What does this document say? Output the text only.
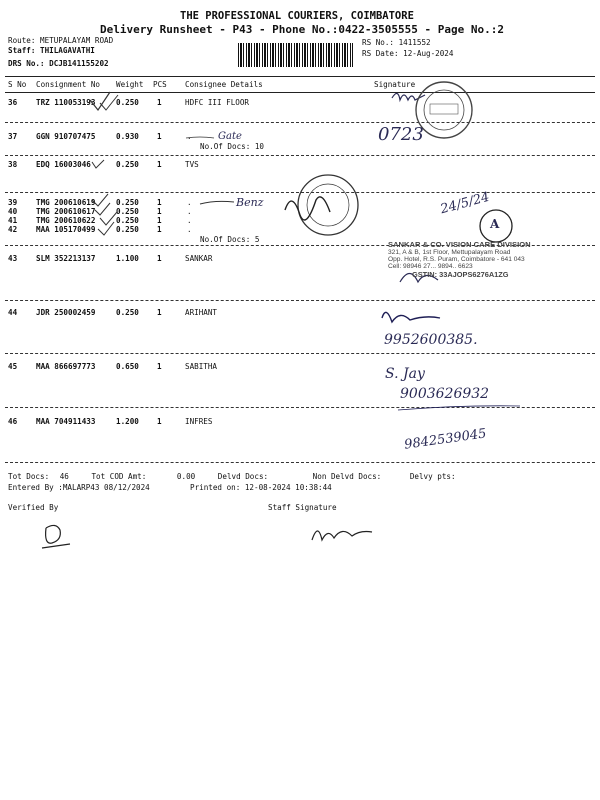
THE PROFESSIONAL COURIERS, COIMBATORE
Delivery Runsheet - P43 - Phone No.:0422-3505555 - Page No.:2
Route: METUPALAYAM ROAD
Staff: THILAGAVATHI
DRS No.: DCJB141155202
RS No.: 1411552
RS Date: 12-Aug-2024
S No Consignment No Weight PCS Consignee Details	Signature
36 TRZ 110053193	0.250 1	HDFC III FLOOR
37 GGN 910707475	0.930 1	.
No.Of Docs: 10
38 EDQ 16003046	0.250 1	TVS
39 TMG 200610619	0.250 1	.
40 TMG 200610617	0.250 1	.
41 TMG 200610622	0.250 1	.
42 MAA 105170499	0.250 1	.
No.Of Docs: 5
43 SLM 352213137	1.100 1	SANKAR
44 JDR 250002459	0.250 1	ARIHANT
45 MAA 866697773	0.650 1	SABITHA
46 MAA 704911433	1.200 1	INFRES
Tot Docs: 46	Tot COD Amt:	0.00	Delvd Docs:	Non Delvd Docs:	Delvy pts:
Entered By :MALARP43 08/12/2024	Printed on: 12-08-2024 10:38:44
Verified By	Staff Signature
Gate
Benz
0723
24/5/24
A
9952600385.
S. Jay
9003626932
9842539045
SANKAR & CO. VISION CARE DIVISION
321, A & B, 1st Floor, Mettupalayam Road
Opp. Hotel, R.S. Puram, Coimbatore - 641 043
Cell: 98946 27... 9894.. 6623
GSTIN: 33AJOPS6276A1ZG
